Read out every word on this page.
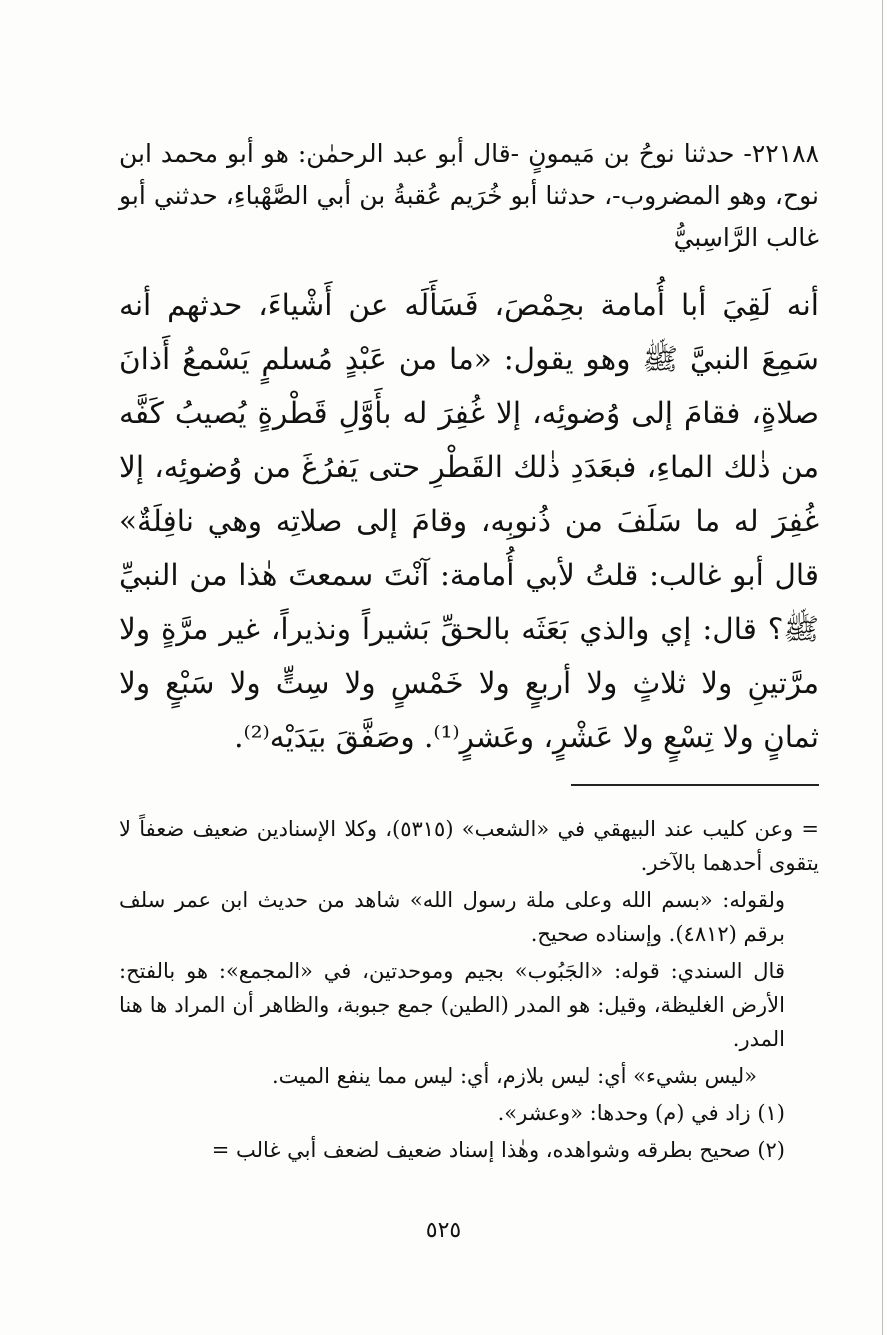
٢٢١٨٨- حدثنا نوحُ بن مَيمونٍ -قال أبو عبد الرحمٰن: هو أبو محمد ابن نوح، وهو المضروب-، حدثنا أبو خُرَيم عُقبةُ بن أبي الصَّهْباءِ، حدثني أبو غالب الرَّاسِبيُّ

أنه لَقِيَ أبا أُمامة بحِمْصَ، فَسَأَلَه عن أَشْياءَ، حدثهم أنه سَمِعَ النبيَّ ﷺ وهو يقول: «ما من عَبْدٍ مُسلمٍ يَسْمعُ أَذانَ صلاةٍ، فقامَ إلى وُضوئِه، إلا غُفِرَ له بأَوَّلِ قَطْرةٍ يُصيبُ كَفَّه من ذٰلك الماءِ، فبعَدَدِ ذٰلك القَطْرِ حتى يَفرُغَ من وُضوئِه، إلا غُفِرَ له ما سَلَفَ من ذُنوبِه، وقامَ إلى صلاتِه وهي نافِلَةٌ» قال أبو غالب: قلتُ لأبي أُمامة: آنْتَ سمعتَ هٰذا من النبيِّ ﷺ؟ قال: إي والذي بَعَثَه بالحقِّ بَشيراً ونذيراً، غير مرَّةٍ ولا مرَّتينِ ولا ثلاثٍ ولا أربعٍ ولا خَمْسٍ ولا سِتٍّ ولا سَبْعٍ ولا ثمانٍ ولا تِسْعٍ ولا عَشْرٍ، وعَشرٍ⁽¹⁾. وصَفَّقَ بيَدَيْه⁽²⁾.

= وعن كليب عند البيهقي في «الشعب» (٥٣١٥)، وكلا الإسنادين ضعيف ضعفاً لا يتقوى أحدهما بالآخر.

ولقوله: «بسم الله وعلى ملة رسول الله» شاهد من حديث ابن عمر سلف برقم (٤٨١٢). وإسناده صحيح.

قال السندي: قوله: «الجَبُوب» بجيم وموحدتين، في «المجمع»: هو بالفتح: الأرض الغليظة، وقيل: هو المدر (الطين) جمع جبوبة، والظاهر أن المراد ها هنا المدر.

«ليس بشيء» أي: ليس بلازم، أي: ليس مما ينفع الميت.

(١) زاد في (م) وحدها: «وعشر».

(٢) صحيح بطرقه وشواهده، وهٰذا إسناد ضعيف لضعف أبي غالب =

٥٢٥
